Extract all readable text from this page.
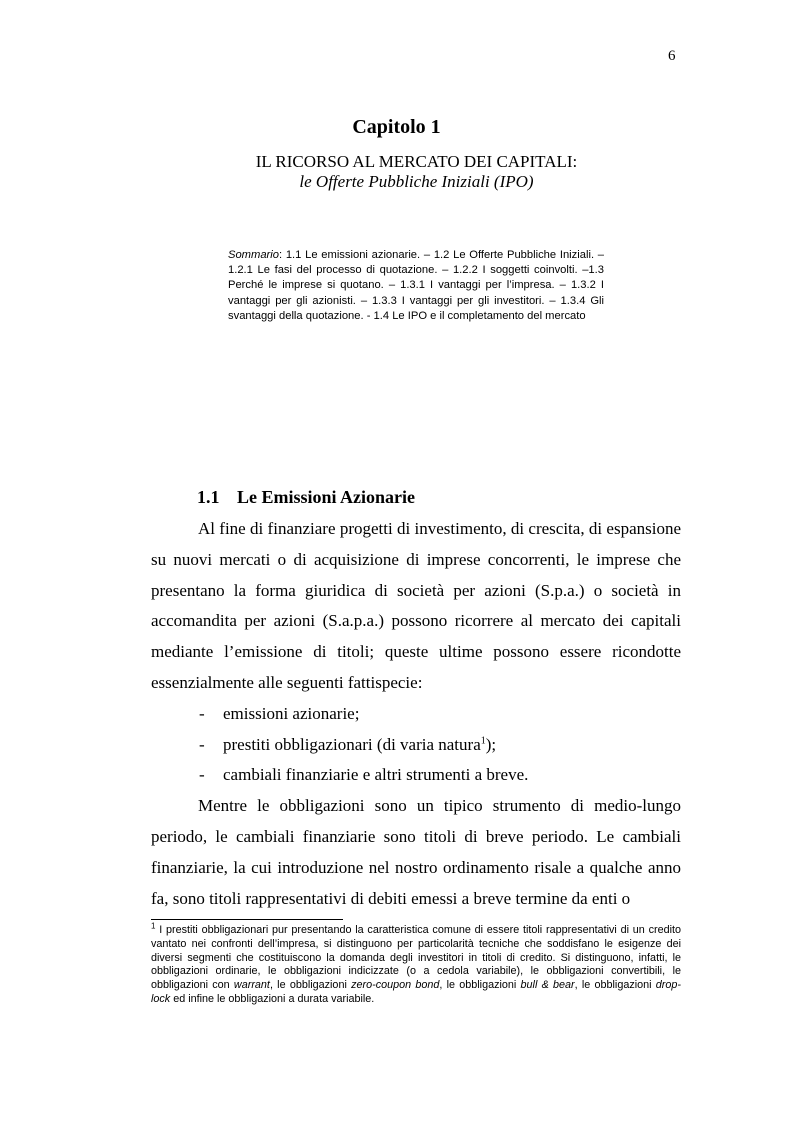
6
Capitolo 1
IL RICORSO AL MERCATO DEI CAPITALI:
le Offerte Pubbliche Iniziali (IPO)
Sommario: 1.1 Le emissioni azionarie. – 1.2 Le Offerte Pubbliche Iniziali. –1.2.1 Le fasi del processo di quotazione. – 1.2.2 I soggetti coinvolti. –1.3 Perché le imprese si quotano. – 1.3.1 I vantaggi per l’impresa. – 1.3.2 I vantaggi per gli azionisti. – 1.3.3 I vantaggi per gli investitori. – 1.3.4 Gli svantaggi della quotazione. - 1.4 Le IPO e il completamento del mercato
1.1 Le Emissioni Azionarie

Al fine di finanziare progetti di investimento, di crescita, di espansione su nuovi mercati o di acquisizione di imprese concorrenti, le imprese che presentano la forma giuridica di società per azioni (S.p.a.) o società in accomandita per azioni (S.a.p.a.) possono ricorrere al mercato dei capitali mediante l’emissione di titoli; queste ultime possono essere ricondotte essenzialmente alle seguenti fattispecie:

- emissioni azionarie;
- prestiti obbligazionari (di varia natura$^1$);
- cambiali finanziarie e altri strumenti a breve.

Mentre le obbligazioni sono un tipico strumento di medio-lungo periodo, le cambiali finanziarie sono titoli di breve periodo. Le cambiali finanziarie, la cui introduzione nel nostro ordinamento risale a qualche anno fa, sono titoli rappresentativi di debiti emessi a breve termine da enti o

$^1$ I prestiti obbligazionari pur presentando la caratteristica comune di essere titoli rappresentativi di un credito vantato nei confronti dell’impresa, si distinguono per particolarità tecniche che soddisfano le esigenze dei diversi segmenti che costituiscono la domanda degli investitori in titoli di credito. Si distinguono, infatti, le obbligazioni ordinarie, le obbligazioni indicizzate (o a cedola variabile), le obbligazioni convertibili, le obbligazioni con warrant, le obbligazioni zero-coupon bond, le obbligazioni bull & bear, le obbligazioni drop-lock ed infine le obbligazioni a durata variabile.
